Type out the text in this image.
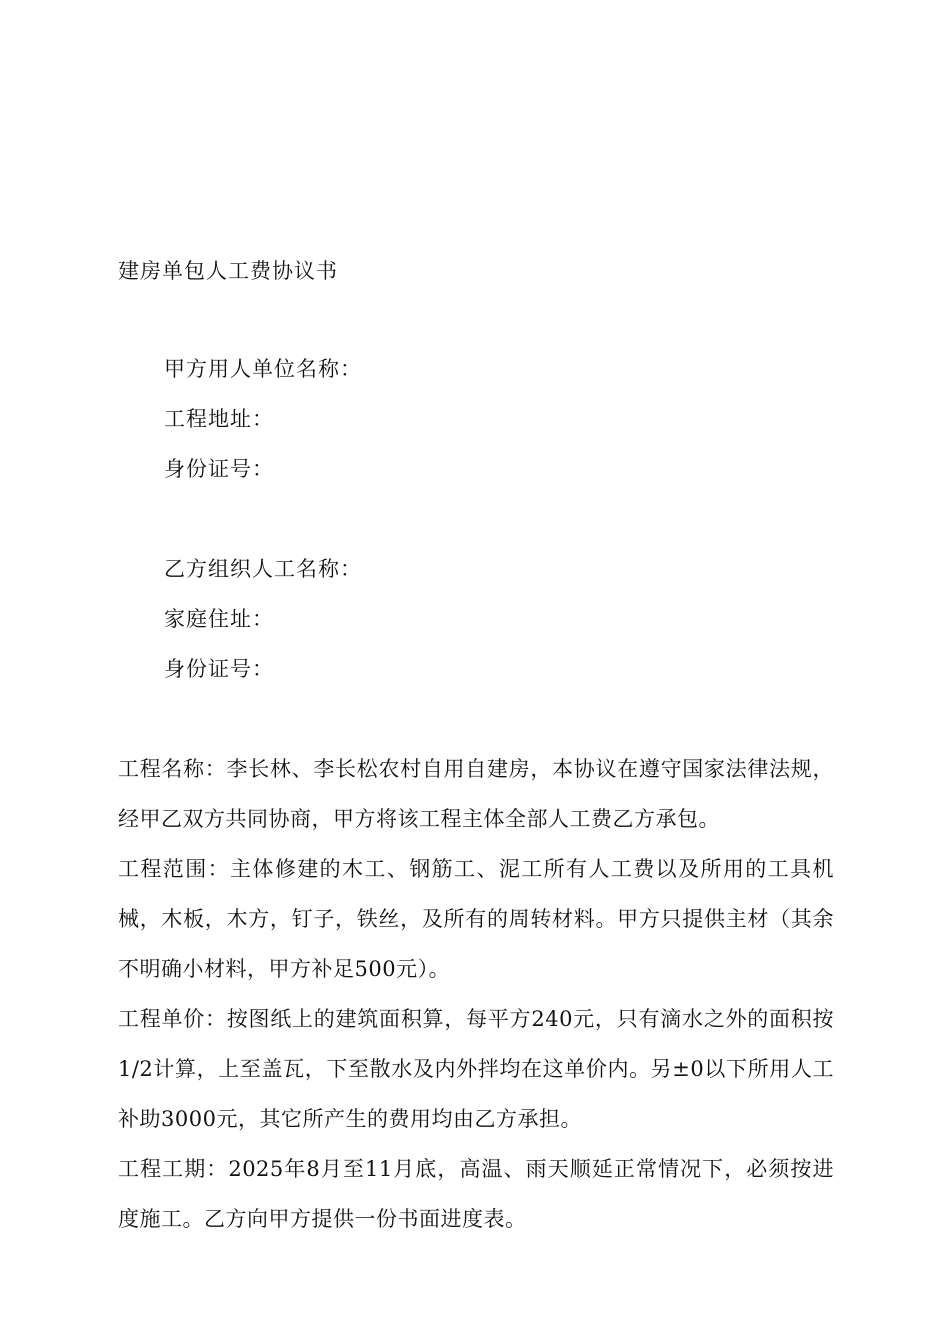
建房单包人工费协议书
甲方用人单位名称：
工程地址：
身份证号：
乙方组织人工名称：
家庭住址：
身份证号：

工程名称：李长林、李长松农村自用自建房，本协议在遵守国家法律法规，经甲乙双方共同协商，甲方将该工程主体全部人工费乙方承包。

工程范围：主体修建的木工、钢筋工、泥工所有人工费以及所用的工具机械，木板，木方，钉子，铁丝，及所有的周转材料。甲方只提供主材（其余不明确小材料，甲方补足500元）。

工程单价：按图纸上的建筑面积算，每平方240元，只有滴水之外的面积按1/2计算，上至盖瓦，下至散水及内外拌均在这单价内。另±0以下所用人工补助3000元，其它所产生的费用均由乙方承担。

工程工期：2025年8月至11月底，高温、雨天顺延正常情况下，必须按进度施工。乙方向甲方提供一份书面进度表。
